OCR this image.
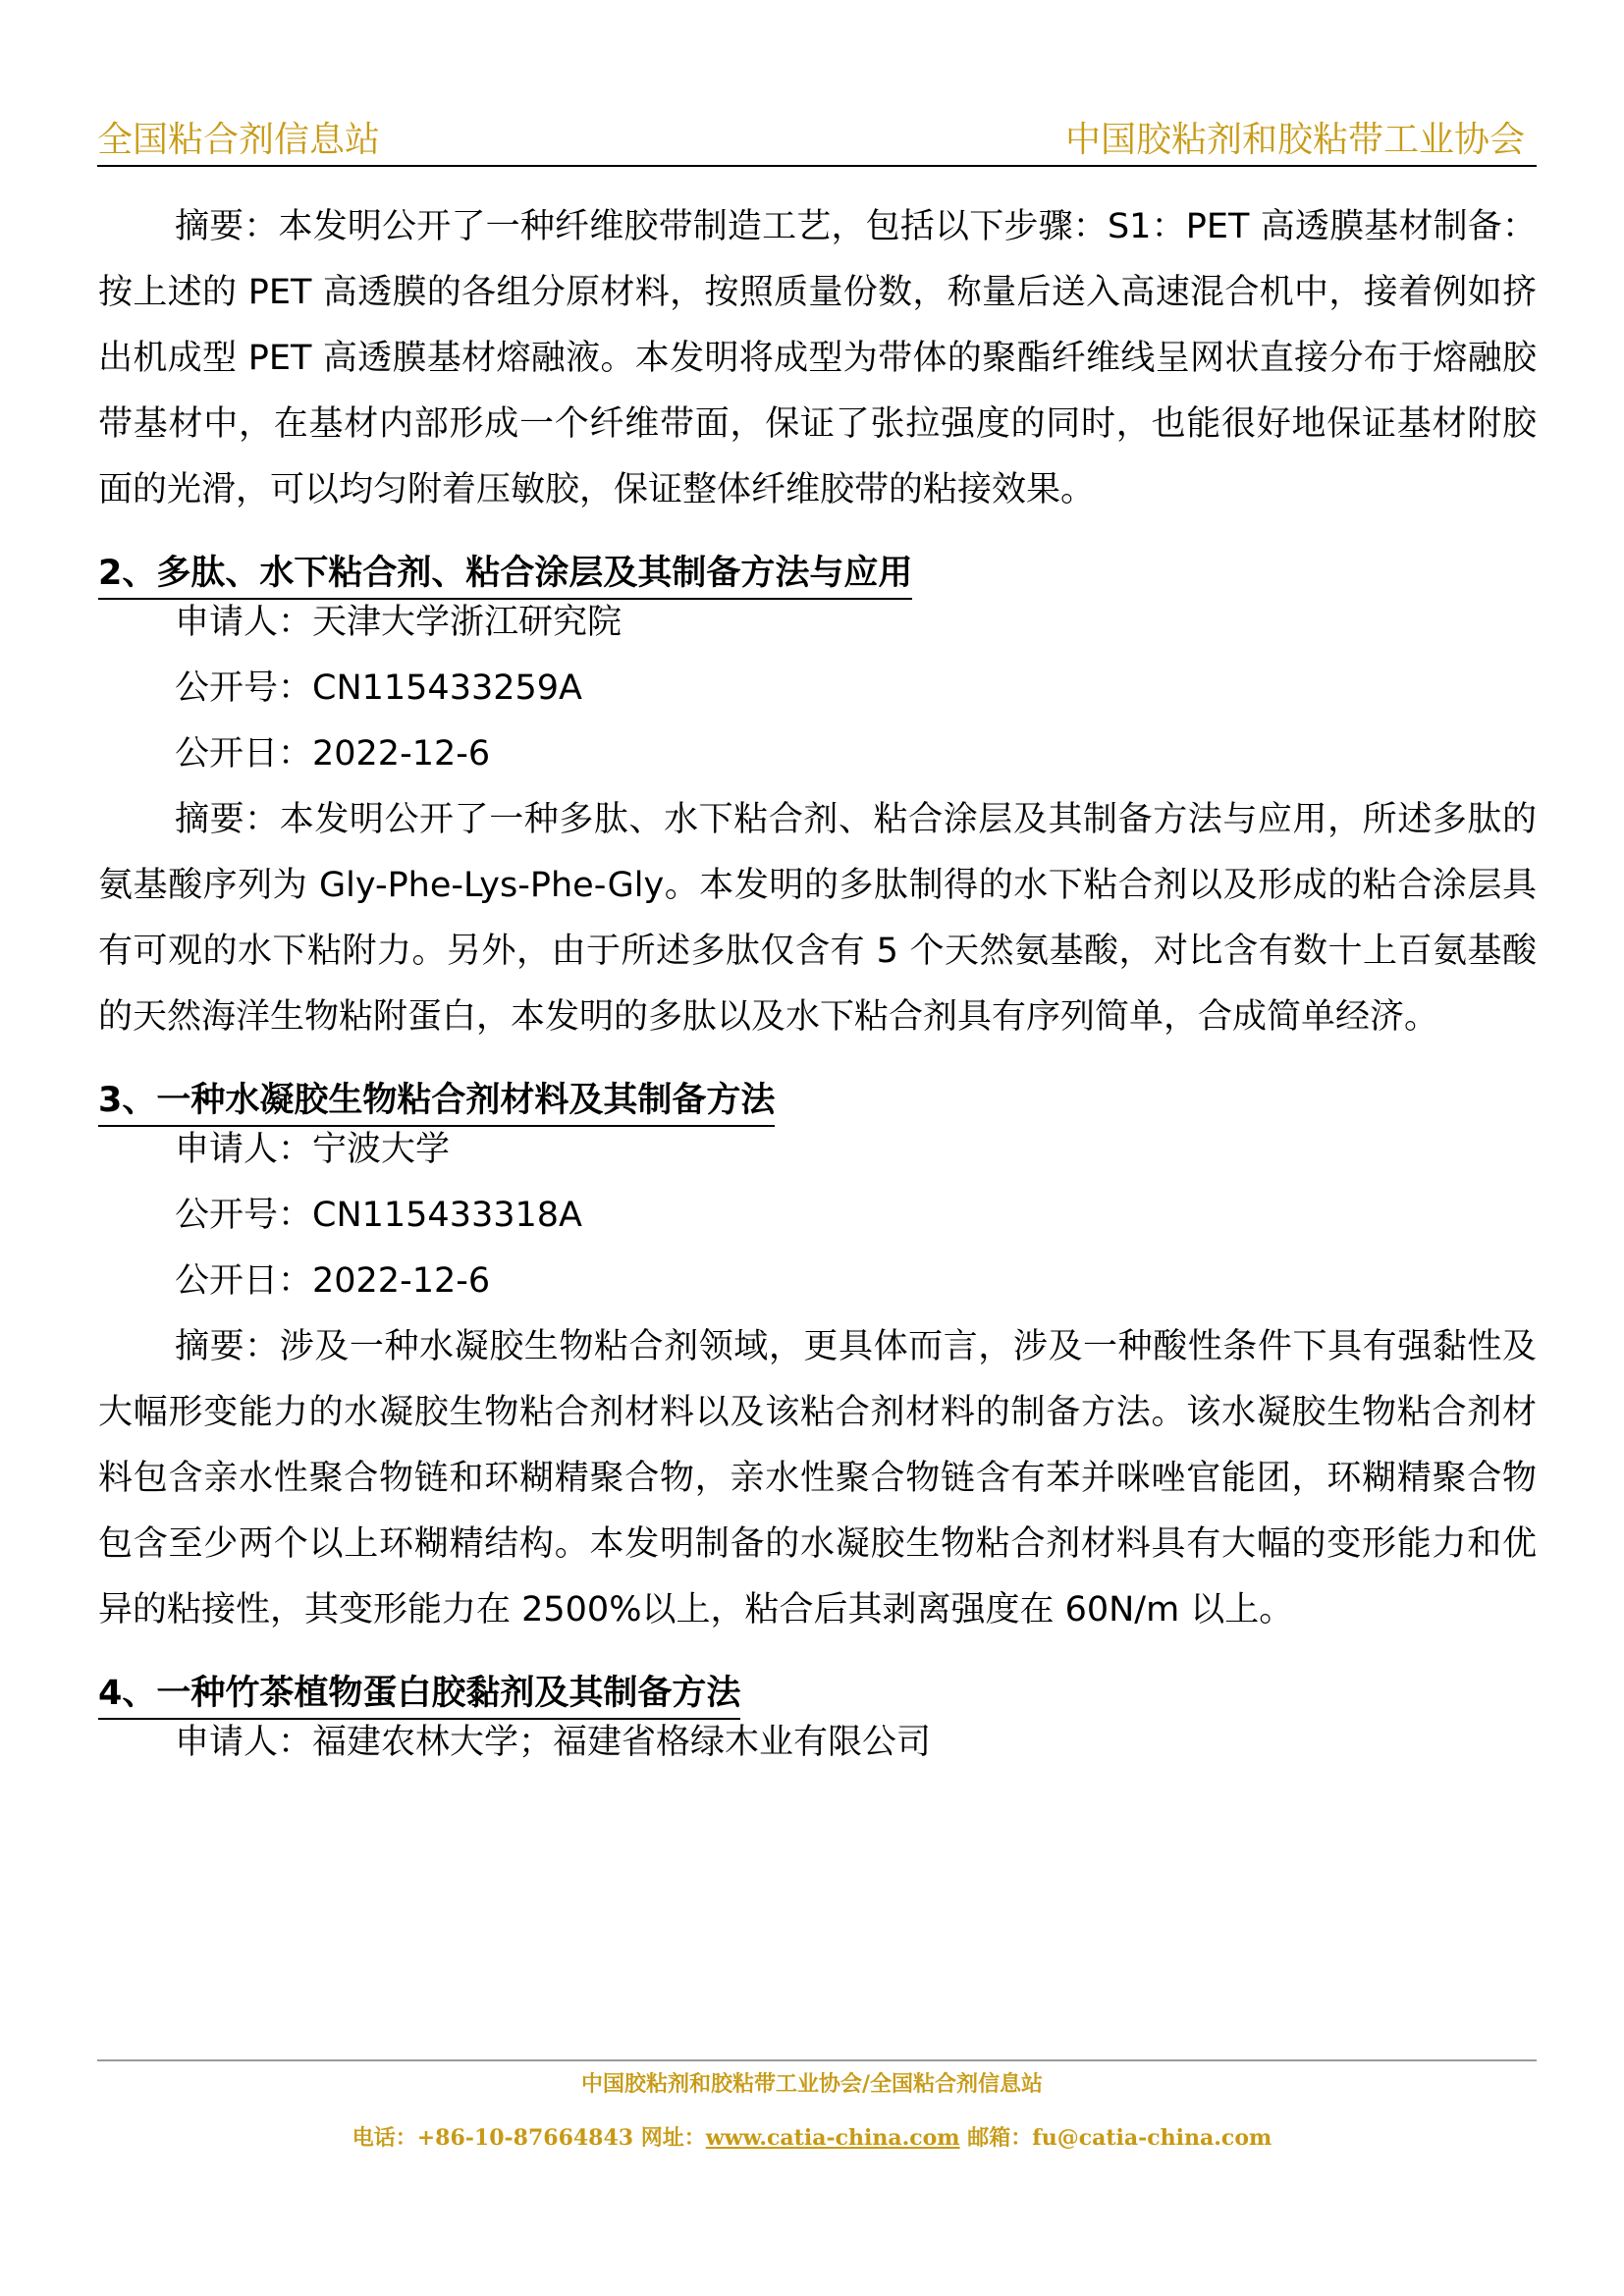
全国粘合剂信息站	中国胶粘剂和胶粘带工业协会

摘要：本发明公开了一种纤维胶带制造工艺，包括以下步骤：S1：PET 高透膜基材制备：按上述的 PET 高透膜的各组分原材料，按照质量份数，称量后送入高速混合机中，接着例如挤出机成型 PET 高透膜基材熔融液。本发明将成型为带体的聚酯纤维线呈网状直接分布于熔融胶带基材中，在基材内部形成一个纤维带面，保证了张拉强度的同时，也能很好地保证基材附胶面的光滑，可以均匀附着压敏胶，保证整体纤维胶带的粘接效果。

2、多肽、水下粘合剂、粘合涂层及其制备方法与应用

申请人：天津大学浙江研究院

公开号：CN115433259A

公开日：2022-12-6

摘要：本发明公开了一种多肽、水下粘合剂、粘合涂层及其制备方法与应用，所述多肽的氨基酸序列为 Gly-Phe-Lys-Phe-Gly。本发明的多肽制得的水下粘合剂以及形成的粘合涂层具有可观的水下粘附力。另外，由于所述多肽仅含有 5 个天然氨基酸，对比含有数十上百氨基酸的天然海洋生物粘附蛋白，本发明的多肽以及水下粘合剂具有序列简单，合成简单经济。

3、一种水凝胶生物粘合剂材料及其制备方法

申请人：宁波大学

公开号：CN115433318A

公开日：2022-12-6

摘要：涉及一种水凝胶生物粘合剂领域，更具体而言，涉及一种酸性条件下具有强黏性及大幅形变能力的水凝胶生物粘合剂材料以及该粘合剂材料的制备方法。该水凝胶生物粘合剂材料包含亲水性聚合物链和环糊精聚合物，亲水性聚合物链含有苯并咪唑官能团，环糊精聚合物包含至少两个以上环糊精结构。本发明制备的水凝胶生物粘合剂材料具有大幅的变形能力和优异的粘接性，其变形能力在 2500%以上，粘合后其剥离强度在 60N/m 以上。

4、一种竹茶植物蛋白胶黏剂及其制备方法

申请人：福建农林大学；福建省格绿木业有限公司

中国胶粘剂和胶粘带工业协会/全国粘合剂信息站
电话：+86-10-87664843 网址：www.catia-china.com 邮箱：fu@catia-china.com
